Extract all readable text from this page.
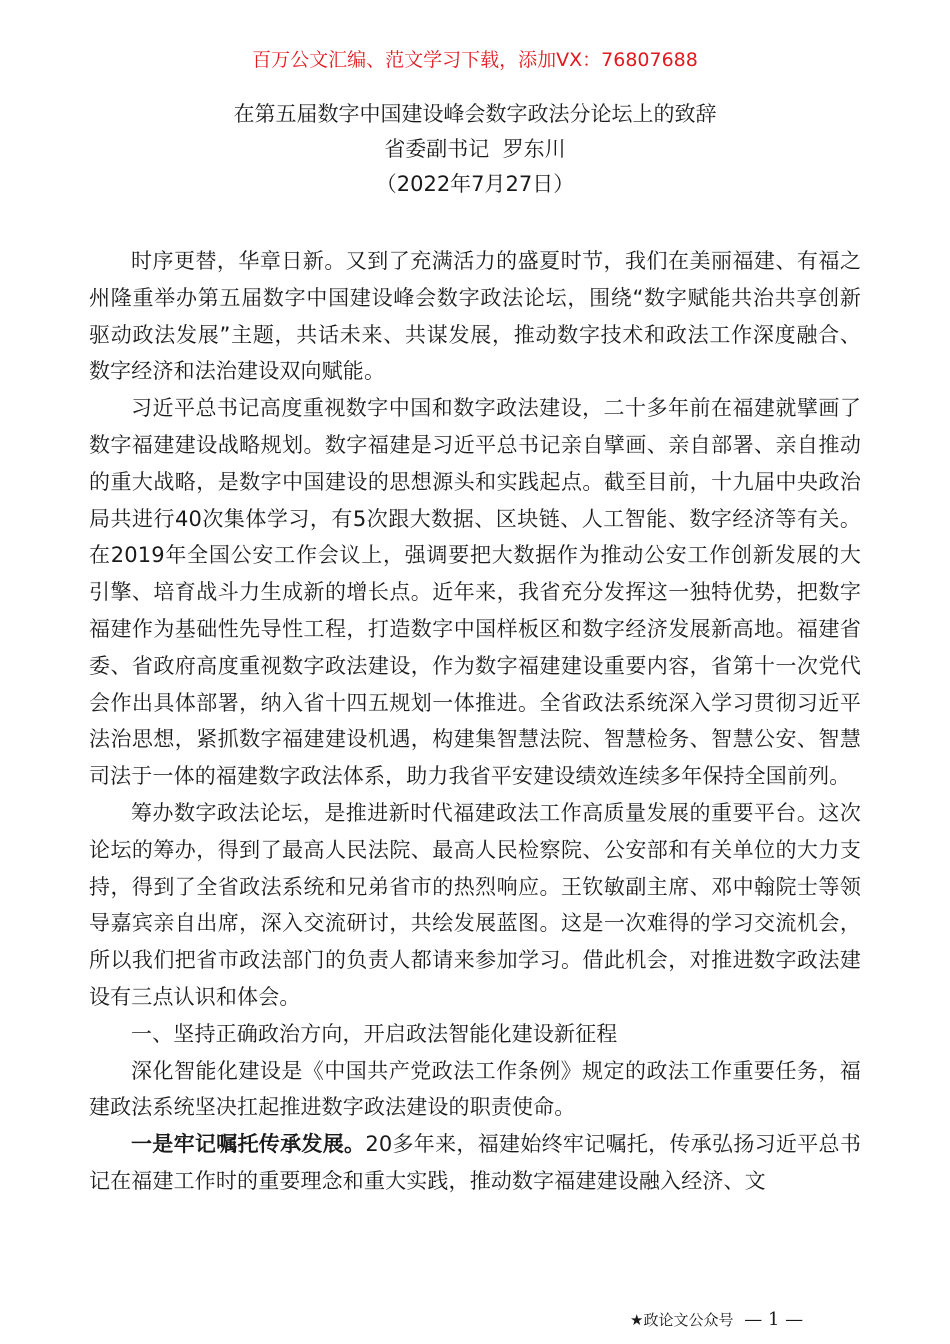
百万公文汇编、范文学习下载，添加VX：76807688
在第五届数字中国建设峰会数字政法分论坛上的致辞
省委副书记  罗东川
（2022年7月27日）

时序更替，华章日新。又到了充满活力的盛夏时节，我们在美丽福建、有福之州隆重举办第五届数字中国建设峰会数字政法论坛，围绕“数字赋能共治共享创新驱动政法发展”主题，共话未来、共谋发展，推动数字技术和政法工作深度融合、数字经济和法治建设双向赋能。

习近平总书记高度重视数字中国和数字政法建设，二十多年前在福建就擘画了数字福建建设战略规划。数字福建是习近平总书记亲自擘画、亲自部署、亲自推动的重大战略，是数字中国建设的思想源头和实践起点。截至目前，十九届中央政治局共进行40次集体学习，有5次跟大数据、区块链、人工智能、数字经济等有关。在2019年全国公安工作会议上，强调要把大数据作为推动公安工作创新发展的大引擎、培育战斗力生成新的增长点。近年来，我省充分发挥这一独特优势，把数字福建作为基础性先导性工程，打造数字中国样板区和数字经济发展新高地。福建省委、省政府高度重视数字政法建设，作为数字福建建设重要内容，省第十一次党代会作出具体部署，纳入省十四五规划一体推进。全省政法系统深入学习贯彻习近平法治思想，紧抓数字福建建设机遇，构建集智慧法院、智慧检务、智慧公安、智慧司法于一体的福建数字政法体系，助力我省平安建设绩效连续多年保持全国前列。

筹办数字政法论坛，是推进新时代福建政法工作高质量发展的重要平台。这次论坛的筹办，得到了最高人民法院、最高人民检察院、公安部和有关单位的大力支持，得到了全省政法系统和兄弟省市的热烈响应。王钦敏副主席、邓中翰院士等领导嘉宾亲自出席，深入交流研讨，共绘发展蓝图。这是一次难得的学习交流机会，所以我们把省市政法部门的负责人都请来参加学习。借此机会，对推进数字政法建设有三点认识和体会。

一、坚持正确政治方向，开启政法智能化建设新征程

深化智能化建设是《中国共产党政法工作条例》规定的政法工作重要任务，福建政法系统坚决扛起推进数字政法建设的职责使命。

一是牢记嘱托传承发展。20多年来，福建始终牢记嘱托，传承弘扬习近平总书记在福建工作时的重要理念和重大实践，推动数字福建建设融入经济、文

★政论文公众号 — 1 —
